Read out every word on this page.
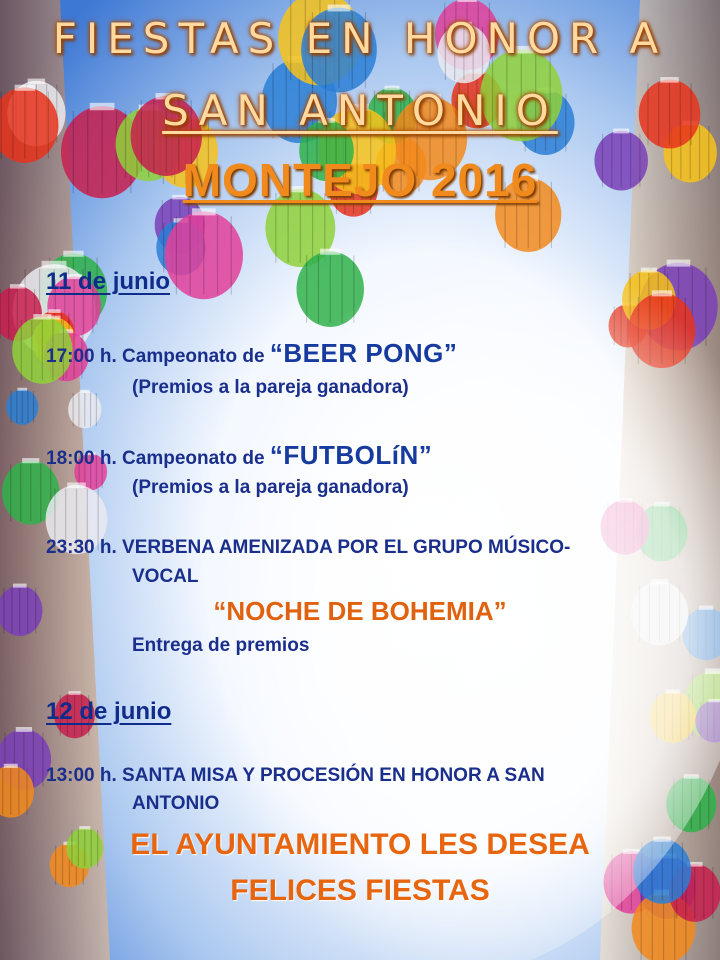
FIESTAS EN HONOR A
SAN ANTONIO
MONTEJO 2016
11 de junio
17:00 h. Campeonato de “BEER PONG”
(Premios a la pareja ganadora)
18:00 h. Campeonato de “FUTBOLíN”
(Premios a la pareja ganadora)
23:30 h. VERBENA AMENIZADA POR EL GRUPO MÚSICO-
VOCAL
“NOCHE DE BOHEMIA”
Entrega de premios
12 de junio
13:00 h. SANTA MISA Y PROCESIÓN EN HONOR A SAN
ANTONIO
EL AYUNTAMIENTO LES DESEA
FELICES FIESTAS
